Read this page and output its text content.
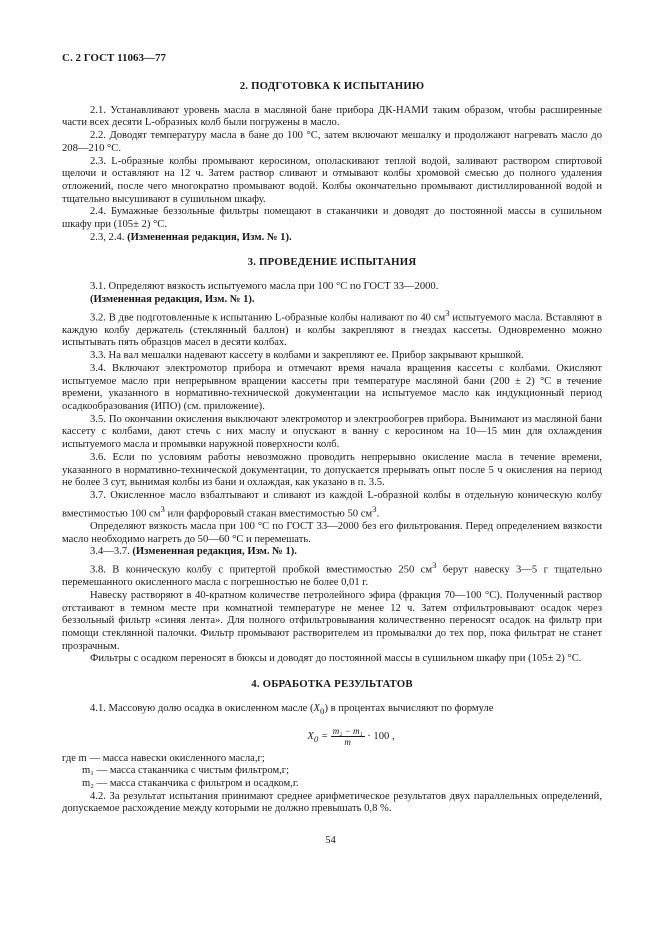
С. 2 ГОСТ 11063—77
2. ПОДГОТОВКА К ИСПЫТАНИЮ

2.1. Устанавливают уровень масла в масляной бане прибора ДК-НАМИ таким образом, чтобы расширенные части всех десяти L-образных колб были погружены в масло.

2.2. Доводят температуру масла в бане до 100 °С, затем включают мешалку и продолжают нагревать масло до 208—210 °С.

2.3. L-образные колбы промывают керосином, ополаскивают теплой водой, заливают раствором спиртовой щелочи и оставляют на 12 ч. Затем раствор сливают и отмывают колбы хромовой смесью до полного удаления отложений, после чего многократно промывают водой. Колбы окончательно промывают дистиллированной водой и тщательно высушивают в сушильном шкафу.

2.4. Бумажные беззольные фильтры помещают в стаканчики и доводят до постоянной массы в сушильном шкафу при (105± 2) °С.

2.3, 2.4. (Измененная редакция, Изм. № 1).

3. ПРОВЕДЕНИЕ ИСПЫТАНИЯ

3.1. Определяют вязкость испытуемого масла при 100 °С по ГОСТ 33—2000.

(Измененная редакция, Изм. № 1).

3.2. В две подготовленные к испытанию L-образные колбы наливают по 40 $см^3$ испытуемого масла. Вставляют в каждую колбу держатель (стеклянный баллон) и колбы закрепляют в гнездах кассеты. Одновременно можно испытывать пять образцов масел в десяти колбах.

3.3. На вал мешалки надевают кассету в колбами и закрепляют ее. Прибор закрывают крышкой.

3.4. Включают электромотор прибора и отмечают время начала вращения кассеты с колбами. Окисляют испытуемое масло при непрерывном вращении кассеты при температуре масляной бани (200 ± 2) °С в течение времени, указанного в нормативно-технической документации на испытуемое масло как индукционный период осадкообразования (ИПО) (см. приложение).

3.5. По окончании окисления выключают электромотор и электрообогрев прибора. Вынимают из масляной бани кассету с колбами, дают стечь с них маслу и опускают в ванну с керосином на 10—15 мин для охлаждения испытуемого масла и промывки наружной поверхности колб.

3.6. Если по условиям работы невозможно проводить непрерывно окисление масла в течение времени, указанного в нормативно-технической документации, то допускается прерывать опыт после 5 ч окисления на период не более 3 сут, вынимая колбы из бани и охлаждая, как указано в п. 3.5.

3.7. Окисленное масло взбалтывают и сливают из каждой L-образной колбы в отдельную коническую колбу вместимостью 100 $см^3$ или фарфоровый стакан вместимостью 50 $см^3$.

Определяют вязкость масла при 100 °С по ГОСТ 33—2000 без его фильтрования. Перед определением вязкости масло необходимо нагреть до 50—60 °С и перемешать.

3.4—3.7. (Измененная редакция, Изм. № 1).

3.8. В коническую колбу с притертой пробкой вместимостью 250 $см^3$ берут навеску 3—5 г тщательно перемешанного окисленного масла с погрешностью не более 0,01 г.

Навеску растворяют в 40-кратном количестве петролейного эфира (фракция 70—100 °С). Полученный раствор отстаивают в темном месте при комнатной температуре не менее 12 ч. Затем отфильтровывают осадок через беззольный фильтр «синяя лента». Для полного отфильтровывания количественно переносят осадок на фильтр при помощи стеклянной палочки. Фильтр промывают растворителем из промывалки до тех пор, пока фильтрат не станет прозрачным.

Фильтры с осадком переносят в бюксы и доводят до постоянной массы в сушильном шкафу при (105± 2) °С.

4. ОБРАБОТКА РЕЗУЛЬТАТОВ

4.1. Массовую долю осадка в окисленном масле $(X_0)$ в процентах вычисляют по формуле

$X_0 = \frac{\text{m₂ − m₁}}{m} \cdot 100$ ,

где m — масса навески окисленного масла,г;

m₁ — масса стаканчика с чистым фильтром,г;

m₂ — масса стаканчика с фильтром и осадком,г.

4.2. За результат испытания принимают среднее арифметическое результатов двух параллельных определений, допускаемое расхождение между которыми не должно превышать 0,8 %.

54
